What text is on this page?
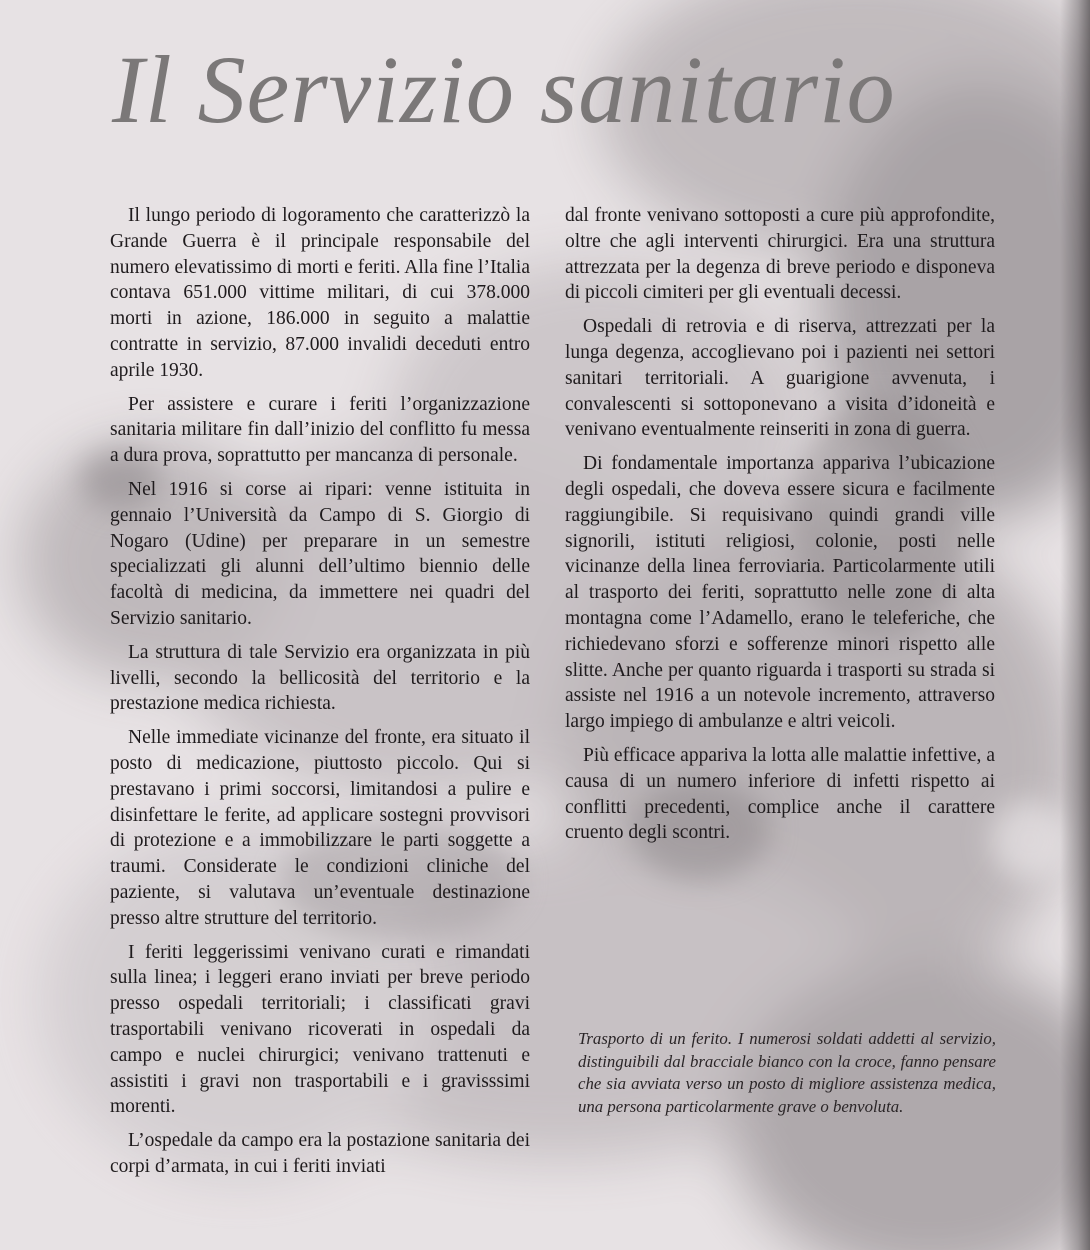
Il Servizio sanitario

Il lungo periodo di logoramento che caratterizzò la Grande Guerra è il principale responsabile del numero elevatissimo di morti e feriti. Alla fine l’Italia contava 651.000 vittime militari, di cui 378.000 morti in azione, 186.000 in seguito a malattie contratte in servizio, 87.000 invalidi deceduti entro aprile 1930.

Per assistere e curare i feriti l’organizzazione sanitaria militare fin dall’inizio del conflitto fu messa a dura prova, soprattutto per mancanza di personale.

Nel 1916 si corse ai ripari: venne istituita in gennaio l’Università da Campo di S. Giorgio di Nogaro (Udine) per preparare in un semestre specializzati gli alunni dell’ultimo biennio delle facoltà di medicina, da immettere nei quadri del Servizio sanitario.

La struttura di tale Servizio era organizzata in più livelli, secondo la bellicosità del territorio e la prestazione medica richiesta.

Nelle immediate vicinanze del fronte, era situato il posto di medicazione, piuttosto piccolo. Qui si prestavano i primi soccorsi, limitandosi a pulire e disinfettare le ferite, ad applicare sostegni provvisori di protezione e a immobilizzare le parti soggette a traumi. Considerate le condizioni cliniche del paziente, si valutava un’eventuale destinazione presso altre strutture del territorio.

I feriti leggerissimi venivano curati e rimandati sulla linea; i leggeri erano inviati per breve periodo presso ospedali territoriali; i classificati gravi trasportabili venivano ricoverati in ospedali da campo e nuclei chirurgici; venivano trattenuti e assistiti i gravi non trasportabili e i gravisssimi morenti.

L’ospedale da campo era la postazione sanitaria dei corpi d’armata, in cui i feriti inviati

dal fronte venivano sottoposti a cure più approfondite, oltre che agli interventi chirurgici. Era una struttura attrezzata per la degenza di breve periodo e disponeva di piccoli cimiteri per gli eventuali decessi.

Ospedali di retrovia e di riserva, attrezzati per la lunga degenza, accoglievano poi i pazienti nei settori sanitari territoriali. A guarigione avvenuta, i convalescenti si sottoponevano a visita d’idoneità e venivano eventualmente reinseriti in zona di guerra.

Di fondamentale importanza appariva l’ubicazione degli ospedali, che doveva essere sicura e facilmente raggiungibile. Si requisivano quindi grandi ville signorili, istituti religiosi, colonie, posti nelle vicinanze della linea ferroviaria. Particolarmente utili al trasporto dei feriti, soprattutto nelle zone di alta montagna come l’Adamello, erano le teleferiche, che richiedevano sforzi e sofferenze minori rispetto alle slitte. Anche per quanto riguarda i trasporti su strada si assiste nel 1916 a un notevole incremento, attraverso largo impiego di ambulanze e altri veicoli.

Più efficace appariva la lotta alle malattie infettive, a causa di un numero inferiore di infetti rispetto ai conflitti precedenti, complice anche il carattere cruento degli scontri.

Trasporto di un ferito. I numerosi soldati addetti al servizio, distinguibili dal bracciale bianco con la croce, fanno pensare che sia avviata verso un posto di migliore assistenza medica, una persona particolarmente grave o benvoluta.
